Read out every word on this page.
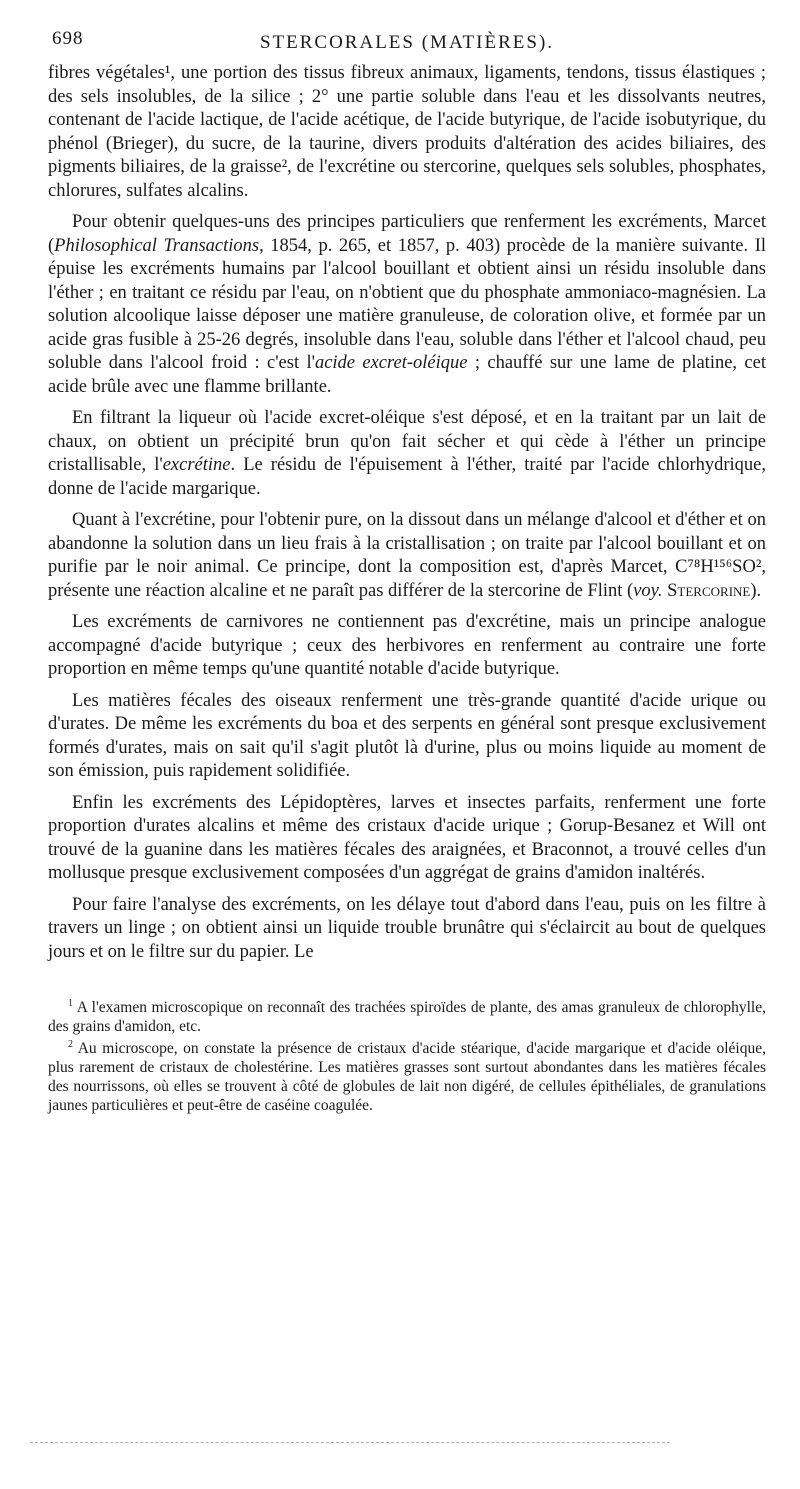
698	STERCORALES (MATIÈRES).

fibres végétales¹, une portion des tissus fibreux animaux, ligaments, tendons, tissus élastiques ; des sels insolubles, de la silice ; 2° une partie soluble dans l'eau et les dissolvants neutres, contenant de l'acide lactique, de l'acide acétique, de l'acide butyrique, de l'acide isobutyrique, du phénol (Brieger), du sucre, de la taurine, divers produits d'altération des acides biliaires, des pigments biliaires, de la graisse², de l'excrétine ou stercorine, quelques sels solubles, phosphates, chlorures, sulfates alcalins.

Pour obtenir quelques-uns des principes particuliers que renferment les excréments, Marcet (Philosophical Transactions, 1854, p. 265, et 1857, p. 403) procède de la manière suivante. Il épuise les excréments humains par l'alcool bouillant et obtient ainsi un résidu insoluble dans l'éther ; en traitant ce résidu par l'eau, on n'obtient que du phosphate ammoniaco-magnésien. La solution alcoolique laisse déposer une matière granuleuse, de coloration olive, et formée par un acide gras fusible à 25-26 degrés, insoluble dans l'eau, soluble dans l'éther et l'alcool chaud, peu soluble dans l'alcool froid : c'est l'acide excret-oléique ; chauffé sur une lame de platine, cet acide brûle avec une flamme brillante.

En filtrant la liqueur où l'acide excret-oléique s'est déposé, et en la traitant par un lait de chaux, on obtient un précipité brun qu'on fait sécher et qui cède à l'éther un principe cristallisable, l'excrétine. Le résidu de l'épuisement à l'éther, traité par l'acide chlorhydrique, donne de l'acide margarique.

Quant à l'excrétine, pour l'obtenir pure, on la dissout dans un mélange d'alcool et d'éther et on abandonne la solution dans un lieu frais à la cristallisation ; on traite par l'alcool bouillant et on purifie par le noir animal. Ce principe, dont la composition est, d'après Marcet, C⁷⁸H¹⁵⁶SO², présente une réaction alcaline et ne paraît pas différer de la stercorine de Flint (voy. Stercorine).

Les excréments de carnivores ne contiennent pas d'excrétine, mais un principe analogue accompagné d'acide butyrique ; ceux des herbivores en renferment au contraire une forte proportion en même temps qu'une quantité notable d'acide butyrique.

Les matières fécales des oiseaux renferment une très-grande quantité d'acide urique ou d'urates. De même les excréments du boa et des serpents en général sont presque exclusivement formés d'urates, mais on sait qu'il s'agit plutôt là d'urine, plus ou moins liquide au moment de son émission, puis rapidement solidifiée.

Enfin les excréments des Lépidoptères, larves et insectes parfaits, renferment une forte proportion d'urates alcalins et même des cristaux d'acide urique ; Gorup-Besanez et Will ont trouvé de la guanine dans les matières fécales des araignées, et Braconnot, a trouvé celles d'un mollusque presque exclusivement composées d'un aggrégat de grains d'amidon inaltérés.

Pour faire l'analyse des excréments, on les délaye tout d'abord dans l'eau, puis on les filtre à travers un linge ; on obtient ainsi un liquide trouble brunâtre qui s'éclaircit au bout de quelques jours et on le filtre sur du papier. Le

$^1$ A l'examen microscopique on reconnaît des trachées spiroïdes de plante, des amas granuleux de chlorophylle, des grains d'amidon, etc.

$^2$ Au microscope, on constate la présence de cristaux d'acide stéarique, d'acide margarique et d'acide oléique, plus rarement de cristaux de cholestérine. Les matières grasses sont surtout abondantes dans les matières fécales des nourrissons, où elles se trouvent à côté de globules de lait non digéré, de cellules épithéliales, de granulations jaunes particulières et peut-être de caséine coagulée.
